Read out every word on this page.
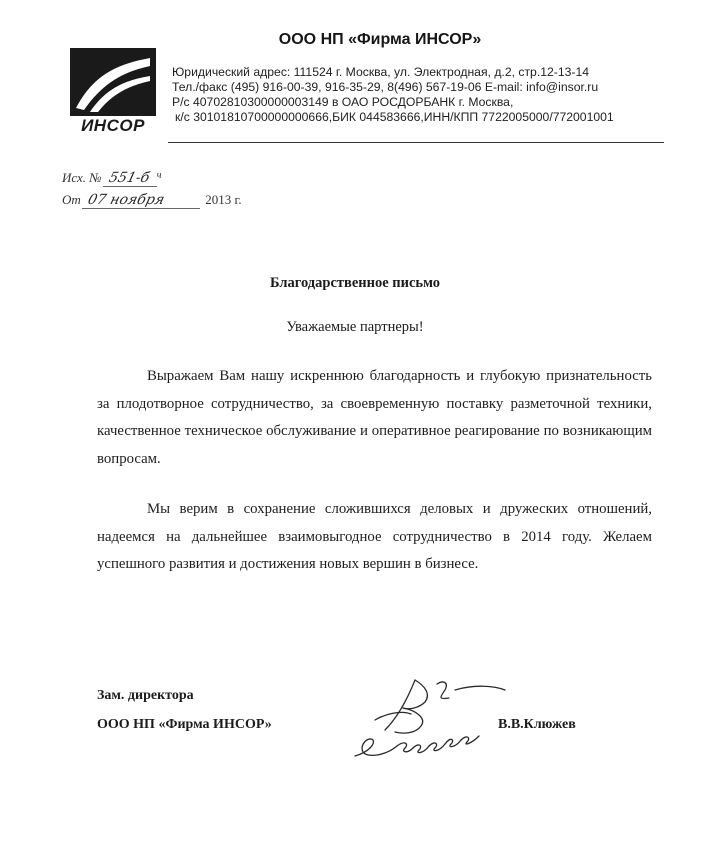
ИНСОР
ООО НП «Фирма ИНСОР»
Юридический адрес: 111524 г. Москва, ул. Электродная, д.2, стр.12-13-14
Тел./факс (495) 916-00-39, 916-35-29, 8(496) 567-19-06 E-mail: info@insor.ru
Р/с 40702810300000003149 в ОАО РОСДОРБАНК г. Москва,
к/с 30101810700000000666,БИК 044583666,ИНН/КПП 7722005000/772001001
Исх. № 551-б $^ч$
От 07 ноября	2013 г.
Благодарственное письмо
Уважаемые партнеры!
Выражаем Вам нашу искреннюю благодарность и глубокую признательность за плодотворное сотрудничество, за своевременную поставку разметочной техники, качественное техническое обслуживание и оперативное реагирование по возникающим вопросам.
Мы верим в сохранение сложившихся деловых и дружеских отношений, надеемся на дальнейшее взаимовыгодное сотрудничество в 2014 году. Желаем успешного развития и достижения новых вершин в бизнесе.
Зам. директора
ООО НП «Фирма ИНСОР»	В.В.Клюжев
